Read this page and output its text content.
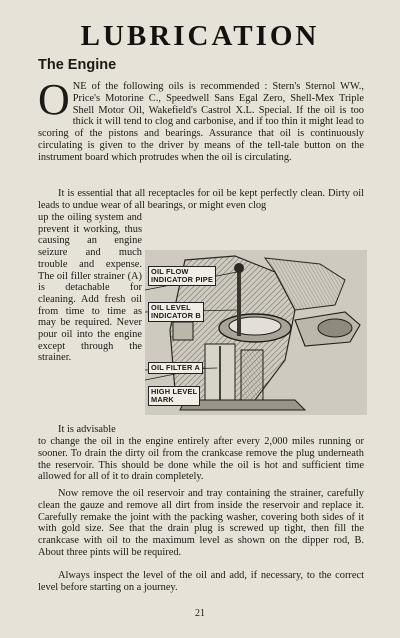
LUBRICATION
The Engine
ONE of the following oils is recommended : Stern's Sternol WW., Price's Motorine C., Speedwell Sans Egal Zero, Shell-Mex Triple Shell Motor Oil, Wakefield's Castrol X.L. Special. If the oil is too thick it will tend to clog and carbonise, and if too thin it might lead to scoring of the pistons and bearings. Assurance that oil is continuously circulating is given to the driver by means of the tell-tale button on the instrument board which protrudes when the oil is circulating.
It is essential that all receptacles for oil be kept perfectly clean. Dirty oil leads to undue wear of all bearings, or might even clog
up the oiling system and prevent it working, thus causing an engine seizure and much trouble and expense. The oil filler strainer (A) is detachable for cleaning. Add fresh oil from time to time as may be required. Never pour oil into the engine except through the strainer.
OIL FLOW
INDICATOR PIPE
OIL LEVEL
INDICATOR B
OIL FILTER A
HIGH LEVEL
MARK
It is advisable
to change the oil in the engine entirely after every 2,000 miles running or sooner. To drain the dirty oil from the crankcase remove the plug underneath the reservoir. This should be done while the oil is hot and sufficient time allowed for all of it to drain completely.
Now remove the oil reservoir and tray containing the strainer, carefully clean the gauze and remove all dirt from inside the reservoir and replace it. Carefully remake the joint with the packing washer, covering both sides of it with gold size. See that the drain plug is screwed up tight, then fill the crankcase with oil to the maximum level as shown on the dipper rod, B. About three pints will be required.
Always inspect the level of the oil and add, if necessary, to the correct level before starting on a journey.
21
